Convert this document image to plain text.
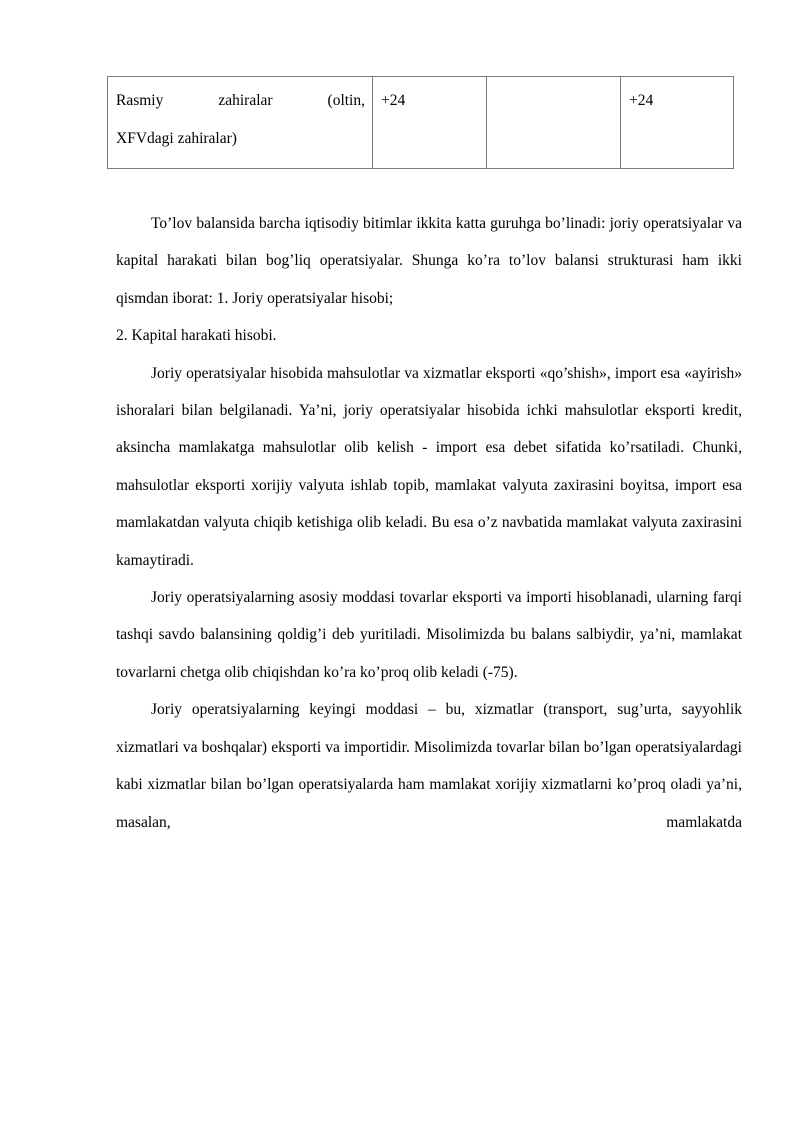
Rasmiy zahiralar (oltin,
XFVdagi zahiralar)

+24		+24

To’lov balansida barcha iqtisodiy bitimlar ikkita katta guruhga bo’linadi: joriy operatsiyalar va kapital harakati bilan bog’liq operatsiyalar. Shunga ko’ra to’lov balansi strukturasi ham ikki qismdan iborat: 1. Joriy operatsiyalar hisobi;

2. Kapital harakati hisobi.

Joriy operatsiyalar hisobida mahsulotlar va xizmatlar eksporti «qo’shish», import esa «ayirish» ishoralari bilan belgilanadi. Ya’ni, joriy operatsiyalar hisobida ichki mahsulotlar eksporti kredit, aksincha mamlakatga mahsulotlar olib kelish - import esa debet sifatida ko’rsatiladi. Chunki, mahsulotlar eksporti xorijiy valyuta ishlab topib, mamlakat valyuta zaxirasini boyitsa, import esa mamlakatdan valyuta chiqib ketishiga olib keladi. Bu esa o’z navbatida mamlakat valyuta zaxirasini kamaytiradi.

Joriy operatsiyalarning asosiy moddasi tovarlar eksporti va importi hisoblanadi, ularning farqi tashqi savdo balansining qoldig’i deb yuritiladi. Misolimizda bu balans salbiydir, ya’ni, mamlakat tovarlarni chetga olib chiqishdan ko’ra ko’proq olib keladi (-75).

Joriy operatsiyalarning keyingi moddasi – bu, xizmatlar (transport, sug’urta, sayyohlik xizmatlari va boshqalar) eksporti va importidir. Misolimizda tovarlar bilan bo’lgan operatsiyalardagi kabi xizmatlar bilan bo’lgan operatsiyalarda ham mamlakat xorijiy xizmatlarni ko’proq oladi ya’ni, masalan, mamlakatda
